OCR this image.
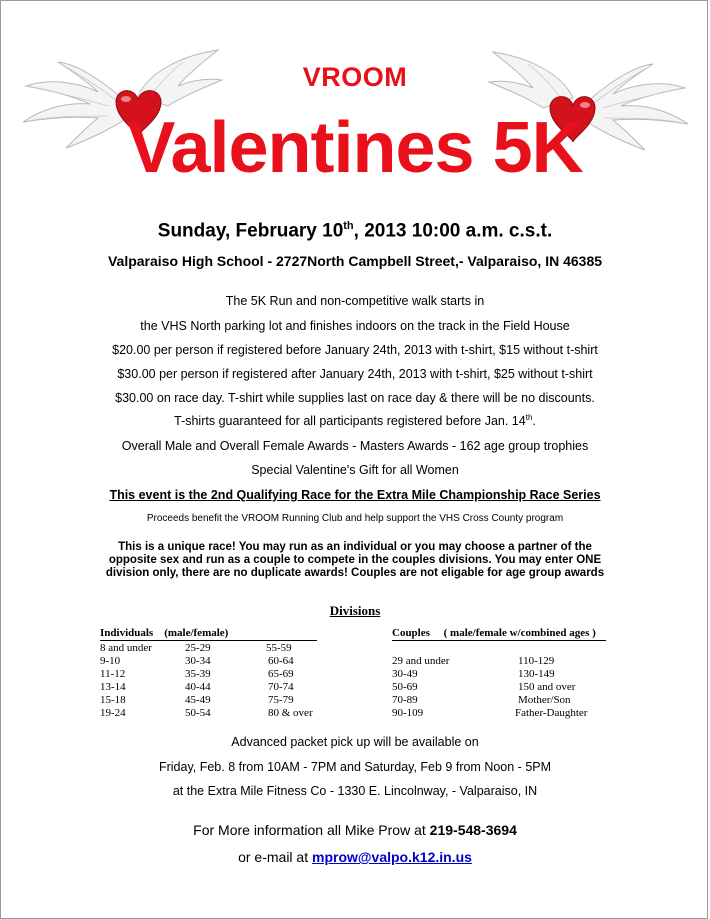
VROOM
Valentines 5K
Sunday, February 10th, 2013 10:00 a.m. c.s.t.
Valparaiso High School - 2727North Campbell Street,- Valparaiso, IN 46385
The 5K Run and non-competitive walk starts in
the VHS North parking lot and finishes indoors on the track in the Field House
$20.00 per person if registered before January 24th, 2013 with t-shirt, $15 without t-shirt
$30.00 per person if registered after January 24th, 2013 with t-shirt, $25 without t-shirt
$30.00 on race day. T-shirt while supplies last on race day & there will be no discounts.
T-shirts guaranteed for all participants registered before Jan. 14th.
Overall Male and Overall Female Awards - Masters Awards - 162 age group trophies
Special Valentine's Gift for all Women
This event is the 2nd Qualifying Race for the Extra Mile Championship Race Series
Proceeds benefit the VROOM Running Club and help support the VHS Cross County program
This is a unique race! You may run as an individual or you may choose a partner of the opposite sex and run as a couple to compete in the couples divisions. You may enter ONE division only, there are no duplicate awards! Couples are not eligable for age group awards
Divisions
Individuals    (male/female)
8 and under	25-29	55-59
9-10	30-34	60-64
11-12	35-39	65-69
13-14	40-44	70-74
15-18	45-49	75-79
19-24	50-54	80 & over
Couples     ( male/female w/combined ages )
29 and under	110-129
30-49	130-149
50-69	150 and over
70-89	Mother/Son
90-109	Father-Daughter
Advanced packet pick up will be available on
Friday, Feb. 8 from 10AM - 7PM and Saturday, Feb 9 from Noon - 5PM
at the Extra Mile Fitness Co - 1330 E. Lincolnway, - Valparaiso, IN
For More information all Mike Prow at 219-548-3694
or e-mail at mprow@valpo.k12.in.us
